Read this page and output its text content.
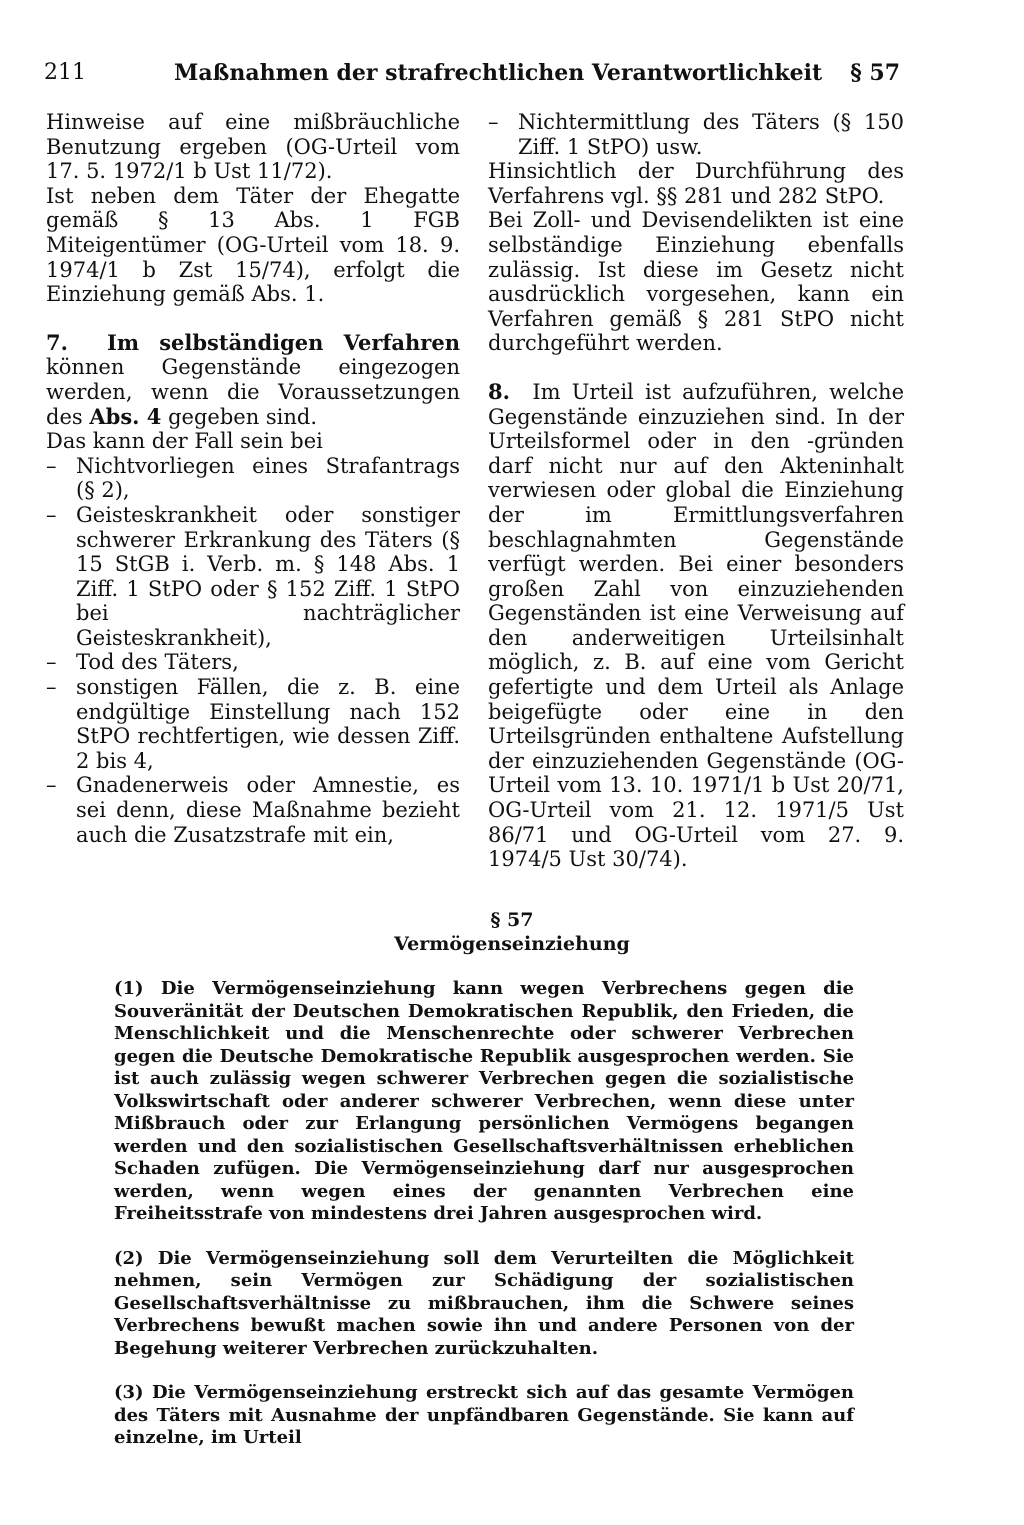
211	Maßnahmen der strafrechtlichen Verantwortlichkeit § 57

Hinweise auf eine mißbräuchliche Benutzung ergeben (OG-Urteil vom 17. 5. 1972/1 b Ust 11/72).

Ist neben dem Täter der Ehegatte gemäß § 13 Abs. 1 FGB Miteigentümer (OG-Urteil vom 18. 9. 1974/1 b Zst 15/74), erfolgt die Einziehung gemäß Abs. 1.

7. Im selbständigen Verfahren können Gegenstände eingezogen werden, wenn die Voraussetzungen des Abs. 4 gegeben sind.

Das kann der Fall sein bei

– Nichtvorliegen eines Strafantrags (§ 2),
– Geisteskrankheit oder sonstiger schwerer Erkrankung des Täters (§ 15 StGB i. Verb. m. § 148 Abs. 1 Ziff. 1 StPO oder § 152 Ziff. 1 StPO bei nachträglicher Geisteskrankheit),
– Tod des Täters,
– sonstigen Fällen, die z. B. eine endgültige Einstellung nach 152 StPO rechtfertigen, wie dessen Ziff. 2 bis 4,
– Gnadenerweis oder Amnestie, es sei denn, diese Maßnahme bezieht auch die Zusatzstrafe mit ein,
– Nichtermittlung des Täters (§ 150 Ziff. 1 StPO) usw.

Hinsichtlich der Durchführung des Verfahrens vgl. §§ 281 und 282 StPO.

Bei Zoll- und Devisendelikten ist eine selbständige Einziehung ebenfalls zulässig. Ist diese im Gesetz nicht ausdrücklich vorgesehen, kann ein Verfahren gemäß § 281 StPO nicht durchgeführt werden.

8. Im Urteil ist aufzuführen, welche Gegenstände einzuziehen sind. In der Urteilsformel oder in den -gründen darf nicht nur auf den Akteninhalt verwiesen oder global die Einziehung der im Ermittlungsverfahren beschlagnahmten Gegenstände verfügt werden. Bei einer besonders großen Zahl von einzuziehenden Gegenständen ist eine Verweisung auf den anderweitigen Urteilsinhalt möglich, z. B. auf eine vom Gericht gefertigte und dem Urteil als Anlage beigefügte oder eine in den Urteilsgründen enthaltene Aufstellung der einzuziehenden Gegenstände (OG-Urteil vom 13. 10. 1971/1 b Ust 20/71, OG-Urteil vom 21. 12. 1971/5 Ust 86/71 und OG-Urteil vom 27. 9. 1974/5 Ust 30/74).

§ 57
Vermögenseinziehung

(1) Die Vermögenseinziehung kann wegen Verbrechens gegen die Souveränität der Deutschen Demokratischen Republik, den Frieden, die Menschlichkeit und die Menschenrechte oder schwerer Verbrechen gegen die Deutsche Demokratische Republik ausgesprochen werden. Sie ist auch zulässig wegen schwerer Verbrechen gegen die sozialistische Volkswirtschaft oder anderer schwerer Verbrechen, wenn diese unter Mißbrauch oder zur Erlangung persönlichen Vermögens begangen werden und den sozialistischen Gesellschaftsverhältnissen erheblichen Schaden zufügen. Die Vermögenseinziehung darf nur ausgesprochen werden, wenn wegen eines der genannten Verbrechen eine Freiheitsstrafe von mindestens drei Jahren ausgesprochen wird.

(2) Die Vermögenseinziehung soll dem Verurteilten die Möglichkeit nehmen, sein Vermögen zur Schädigung der sozialistischen Gesellschaftsverhältnisse zu mißbrauchen, ihm die Schwere seines Verbrechens bewußt machen sowie ihn und andere Personen von der Begehung weiterer Verbrechen zurückzuhalten.

(3) Die Vermögenseinziehung erstreckt sich auf das gesamte Vermögen des Täters mit Ausnahme der unpfändbaren Gegenstände. Sie kann auf einzelne, im Urteil
